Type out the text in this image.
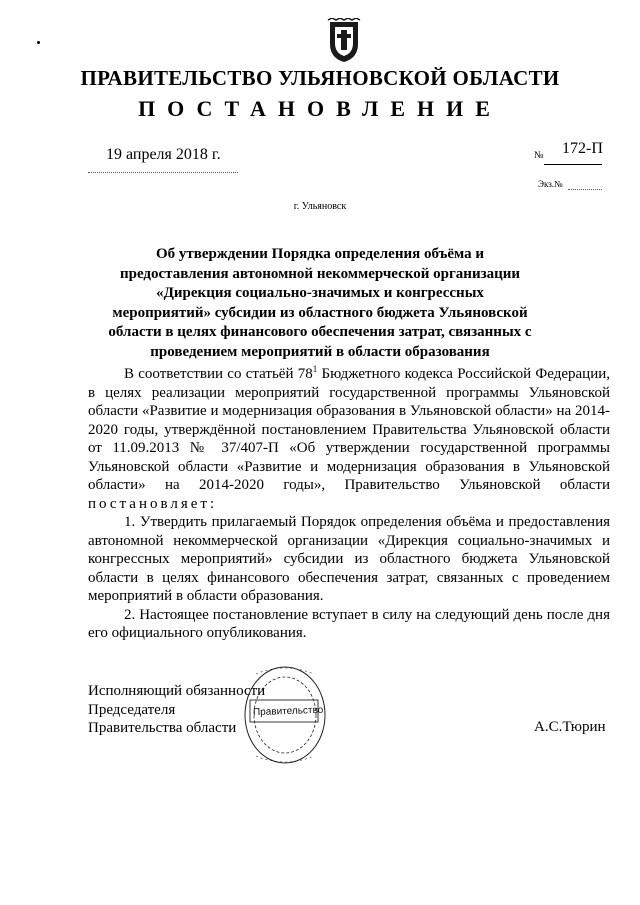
ПРАВИТЕЛЬСТВО УЛЬЯНОВСКОЙ ОБЛАСТИ
ПОСТАНОВЛЕНИЕ
19 апреля 2018 г.	№ 172-П
Экз.№
г. Ульяновск
Об утверждении Порядка определения объёма и предоставления автономной некоммерческой организации «Дирекция социально-значимых и конгрессных мероприятий» субсидии из областного бюджета Ульяновской области в целях финансового обеспечения затрат, связанных с проведением мероприятий в области образования

В соответствии со статьёй $78^1$ Бюджетного кодекса Российской Федерации, в целях реализации мероприятий государственной программы Ульяновской области «Развитие и модернизация образования в Ульяновской области» на 2014-2020 годы, утверждённой постановлением Правительства Ульяновской области от 11.09.2013 № 37/407-П «Об утверждении государственной программы Ульяновской области «Развитие и модернизация образования в Ульяновской области» на 2014-2020 годы», Правительство Ульяновской области постановляет:

1. Утвердить прилагаемый Порядок определения объёма и предоставления автономной некоммерческой организации «Дирекция социально-значимых и конгрессных мероприятий» субсидии из областного бюджета Ульяновской области в целях финансового обеспечения затрат, связанных с проведением мероприятий в области образования.

2. Настоящее постановление вступает в силу на следующий день после дня его официального опубликования.

Исполняющий обязанности
Председателя
Правительства области
Правительство
А.С.Тюрин
